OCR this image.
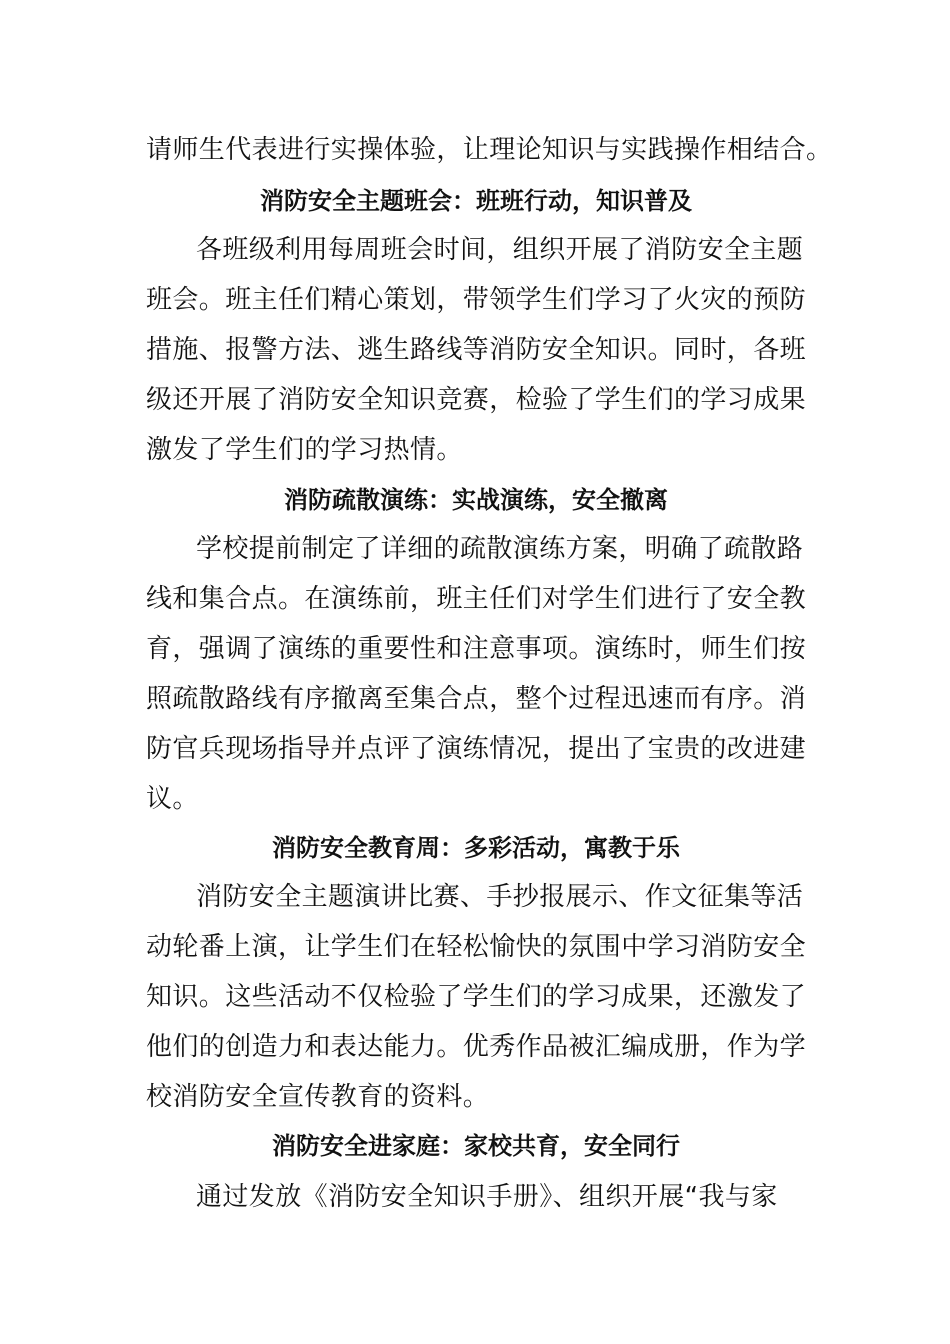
请师生代表进行实操体验，让理论知识与实践操作相结合。
消防安全主题班会：班班行动，知识普及
各班级利用每周班会时间，组织开展了消防安全主题
班会。班主任们精心策划，带领学生们学习了火灾的预防
措施、报警方法、逃生路线等消防安全知识。同时，各班
级还开展了消防安全知识竞赛，检验了学生们的学习成果
激发了学生们的学习热情。
消防疏散演练：实战演练，安全撤离
学校提前制定了详细的疏散演练方案，明确了疏散路
线和集合点。在演练前，班主任们对学生们进行了安全教
育，强调了演练的重要性和注意事项。演练时，师生们按
照疏散路线有序撤离至集合点，整个过程迅速而有序。消
防官兵现场指导并点评了演练情况，提出了宝贵的改进建
议。
消防安全教育周：多彩活动，寓教于乐
消防安全主题演讲比赛、手抄报展示、作文征集等活
动轮番上演，让学生们在轻松愉快的氛围中学习消防安全
知识。这些活动不仅检验了学生们的学习成果，还激发了
他们的创造力和表达能力。优秀作品被汇编成册，作为学
校消防安全宣传教育的资料。
消防安全进家庭：家校共育，安全同行
通过发放《消防安全知识手册》、组织开展“我与家
